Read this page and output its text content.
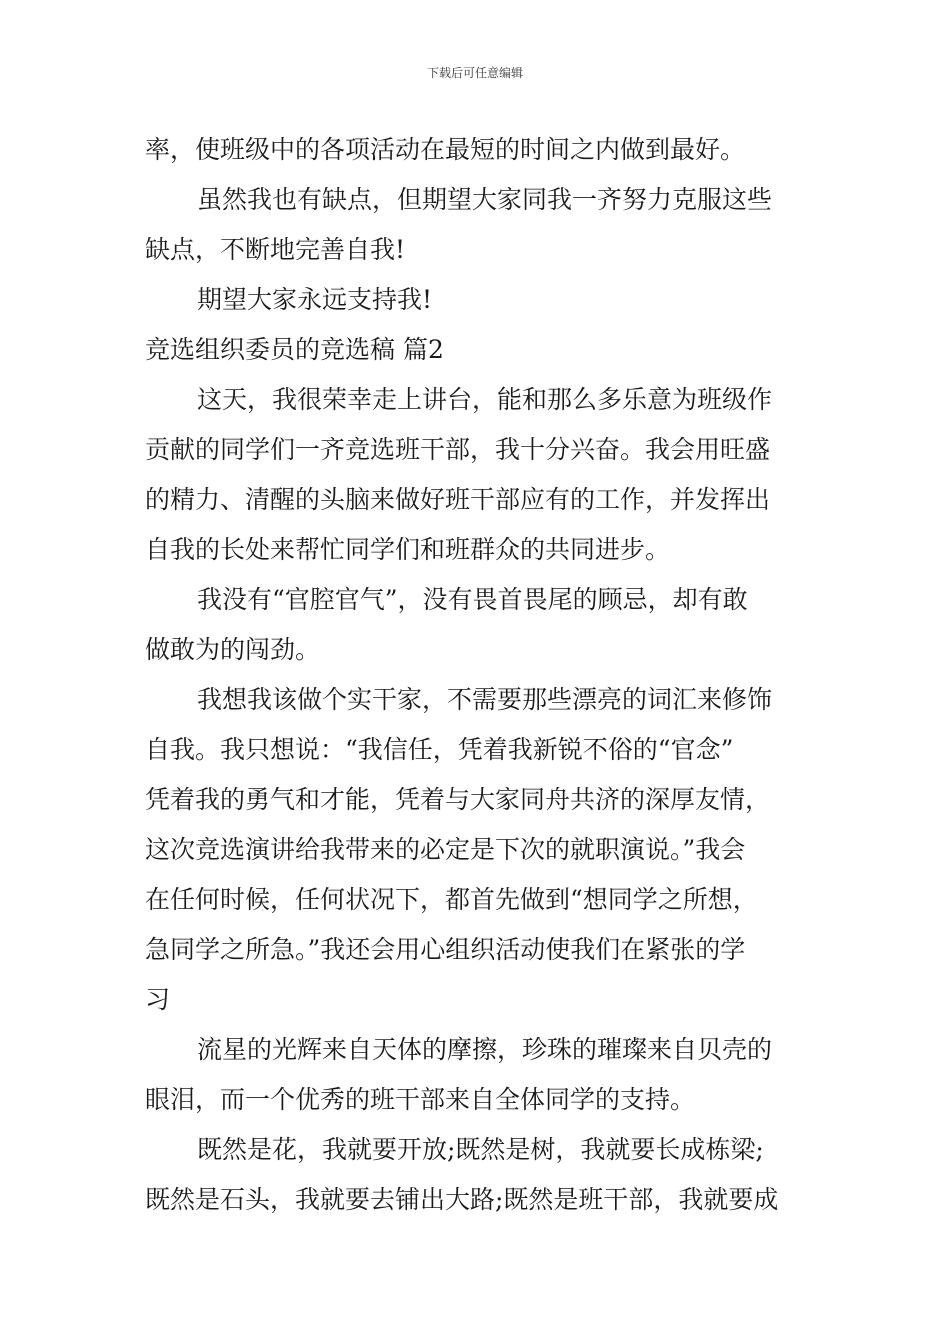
下载后可任意编辑
率，使班级中的各项活动在最短的时间之内做到最好。
虽然我也有缺点，但期望大家同我一齐努力克服这些
缺点，不断地完善自我!
期望大家永远支持我!
竞选组织委员的竞选稿 篇2
这天，我很荣幸走上讲台，能和那么多乐意为班级作
贡献的同学们一齐竞选班干部，我十分兴奋。我会用旺盛
的精力、清醒的头脑来做好班干部应有的工作，并发挥出
自我的长处来帮忙同学们和班群众的共同进步。
我没有“官腔官气”，没有畏首畏尾的顾忌，却有敢
做敢为的闯劲。
我想我该做个实干家，不需要那些漂亮的词汇来修饰
自我。我只想说：“我信任，凭着我新锐不俗的“官念”
凭着我的勇气和才能，凭着与大家同舟共济的深厚友情，
这次竞选演讲给我带来的必定是下次的就职演说。”我会
在任何时候，任何状况下，都首先做到“想同学之所想，
急同学之所急。”我还会用心组织活动使我们在紧张的学
习
流星的光辉来自天体的摩擦，珍珠的璀璨来自贝壳的
眼泪，而一个优秀的班干部来自全体同学的支持。
既然是花，我就要开放;既然是树，我就要长成栋梁;
既然是石头，我就要去铺出大路;既然是班干部，我就要成
